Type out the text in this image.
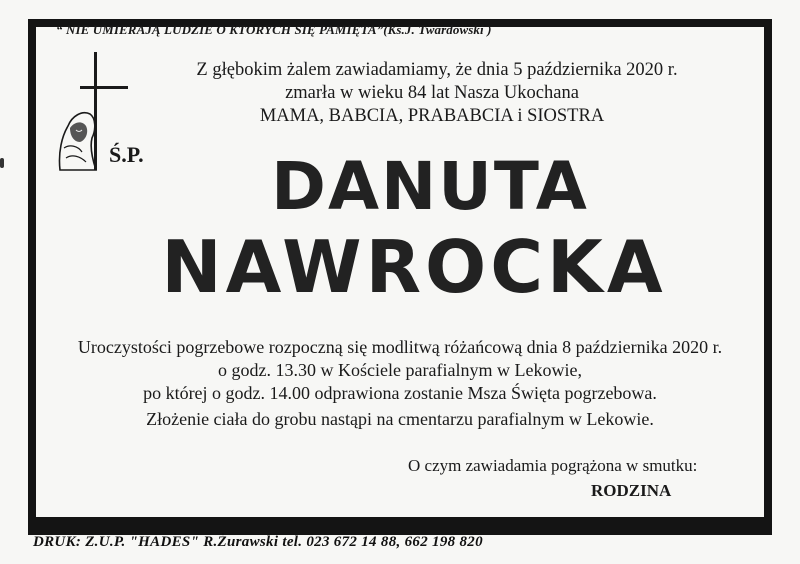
“ NIE UMIERAJĄ LUDZIE O KTÓRYCH SIĘ PAMIĘTA”(Ks.J. Twardowski )
Z głębokim żalem zawiadamiamy, że dnia 5 października 2020 r.
zmarła w wieku 84 lat Nasza Ukochana
MAMA, BABCIA, PRABABCIA i SIOSTRA
Ś.P.	DANUTA
NAWROCKA
Uroczystości pogrzebowe rozpoczną się modlitwą różańcową dnia 8 października 2020 r.
o godz. 13.30 w Kościele parafialnym w Lekowie,
po której o godz. 14.00 odprawiona zostanie Msza Święta pogrzebowa.
Złożenie ciała do grobu nastąpi na cmentarzu parafialnym w Lekowie.
O czym zawiadamia pogrążona w smutku:
RODZINA
DRUK: Z.U.P. "HADES" R.Żurawski tel. 023 672 14 88, 662 198 820
